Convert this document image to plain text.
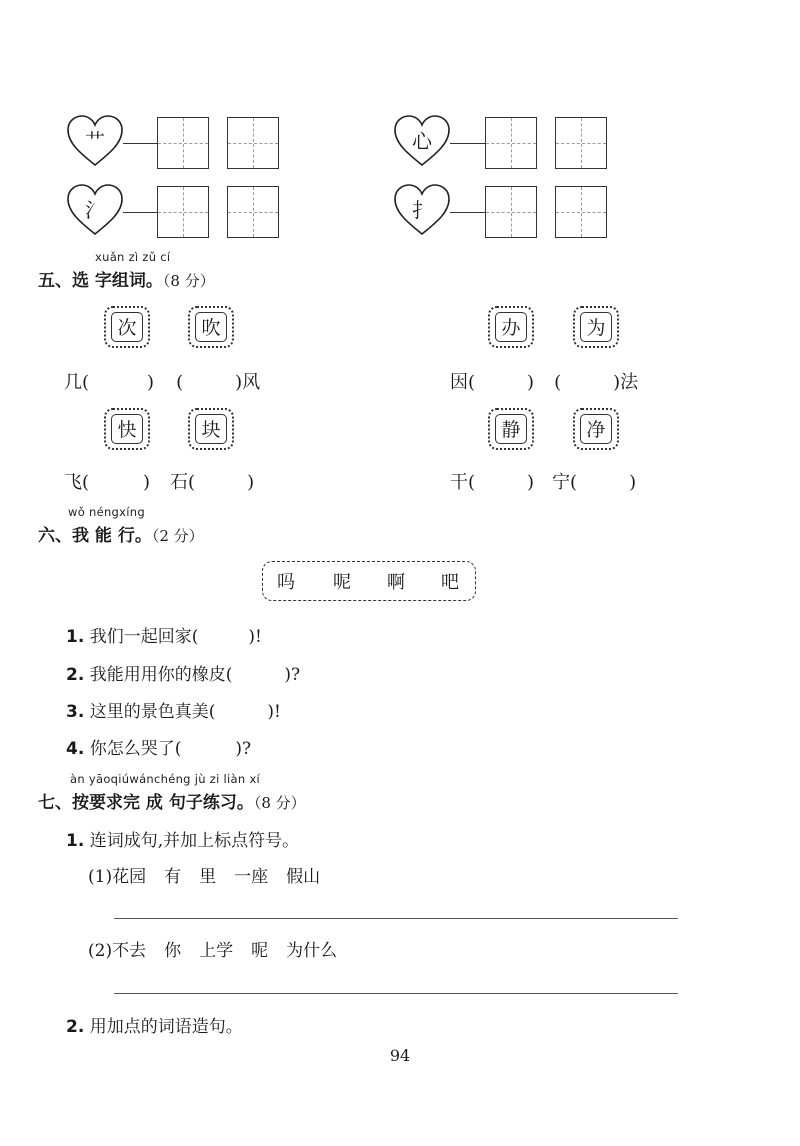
艹	心
氵	扌
xuǎn zì zǔ cí
五、选 字组词。（8 分）
次	吹	办	为
几(	) (	)风	因(	) (	)法
快	块	静	净
飞(	) 石(	)	干(	) 宁(	)
wǒ néngxíng
六、我 能 行。（2 分）
吗 呢 啊 吧
1. 我们一起回家(	)!
2. 我能用用你的橡皮(	)?
3. 这里的景色真美(	)!
4. 你怎么哭了(	)?
àn yāoqiúwánchéng jù zi liàn xí
七、按要求完 成 句子练习。（8 分）
1. 连词成句,并加上标点符号。
(1)花园 有 里 一座 假山
(2)不去 你 上学 呢 为什么
2. 用加点的词语造句。
94
